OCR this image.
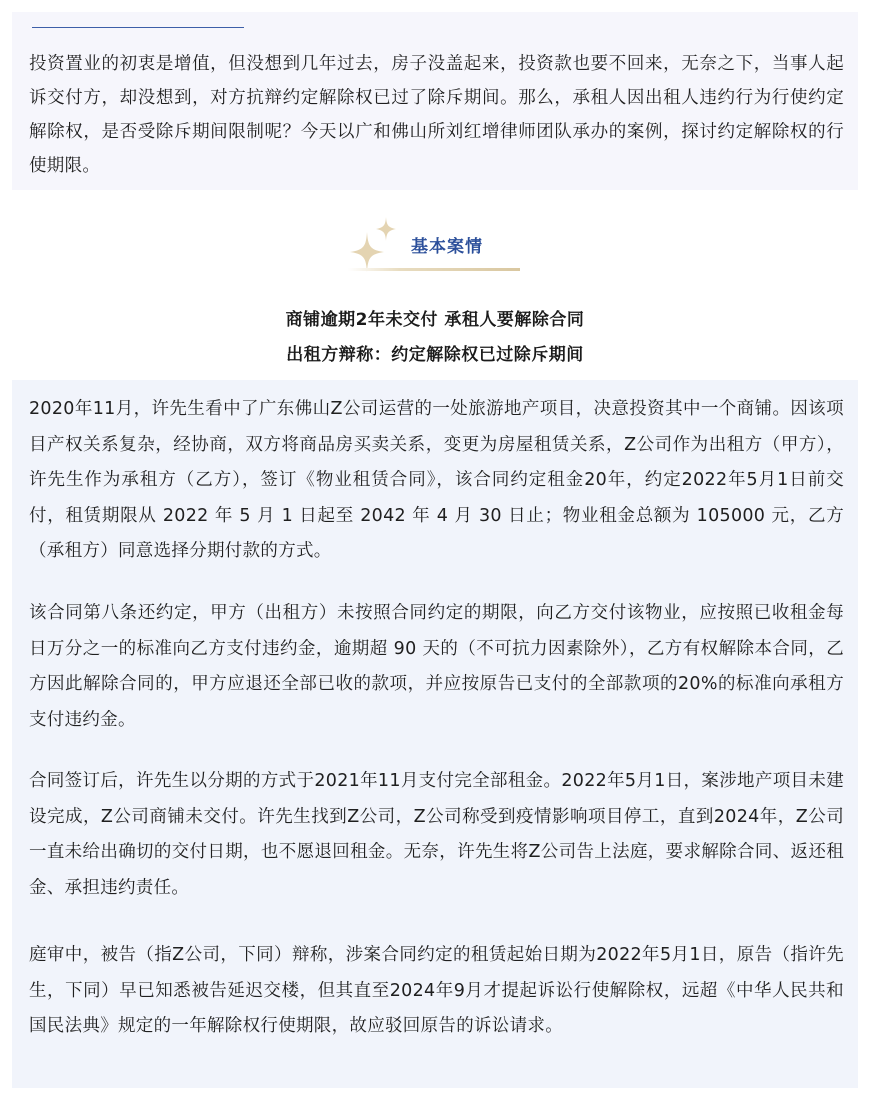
投资置业的初衷是增值，但没想到几年过去，房子没盖起来，投资款也要不回来，无奈之下，当事人起诉交付方，却没想到，对方抗辩约定解除权已过了除斥期间。那么，承租人因出租人违约行为行使约定解除权，是否受除斥期间限制呢？今天以广和佛山所刘红增律师团队承办的案例，探讨约定解除权的行使期限。

基本案情
商铺逾期2年未交付 承租人要解除合同
出租方辩称：约定解除权已过除斥期间

2020年11月，许先生看中了广东佛山Z公司运营的一处旅游地产项目，决意投资其中一个商铺。因该项目产权关系复杂，经协商，双方将商品房买卖关系，变更为房屋租赁关系，Z公司作为出租方（甲方），许先生作为承租方（乙方），签订《物业租赁合同》，该合同约定租金20年，约定2022年5月1日前交付，租赁期限从 2022 年 5 月 1 日起至 2042 年 4 月 30 日止；物业租金总额为 105000 元，乙方（承租方）同意选择分期付款的方式。

该合同第八条还约定，甲方（出租方）未按照合同约定的期限，向乙方交付该物业，应按照已收租金每日万分之一的标准向乙方支付违约金，逾期超 90 天的（不可抗力因素除外），乙方有权解除本合同，乙方因此解除合同的，甲方应退还全部已收的款项，并应按原告已支付的全部款项的20%的标准向承租方支付违约金。

合同签订后，许先生以分期的方式于2021年11月支付完全部租金。2022年5月1日，案涉地产项目未建设完成，Z公司商铺未交付。许先生找到Z公司，Z公司称受到疫情影响项目停工，直到2024年，Z公司一直未给出确切的交付日期，也不愿退回租金。无奈，许先生将Z公司告上法庭，要求解除合同、返还租金、承担违约责任。

庭审中，被告（指Z公司，下同）辩称，涉案合同约定的租赁起始日期为2022年5月1日，原告（指许先生，下同）早已知悉被告延迟交楼，但其直至2024年9月才提起诉讼行使解除权，远超《中华人民共和国民法典》规定的一年解除权行使期限，故应驳回原告的诉讼请求。
